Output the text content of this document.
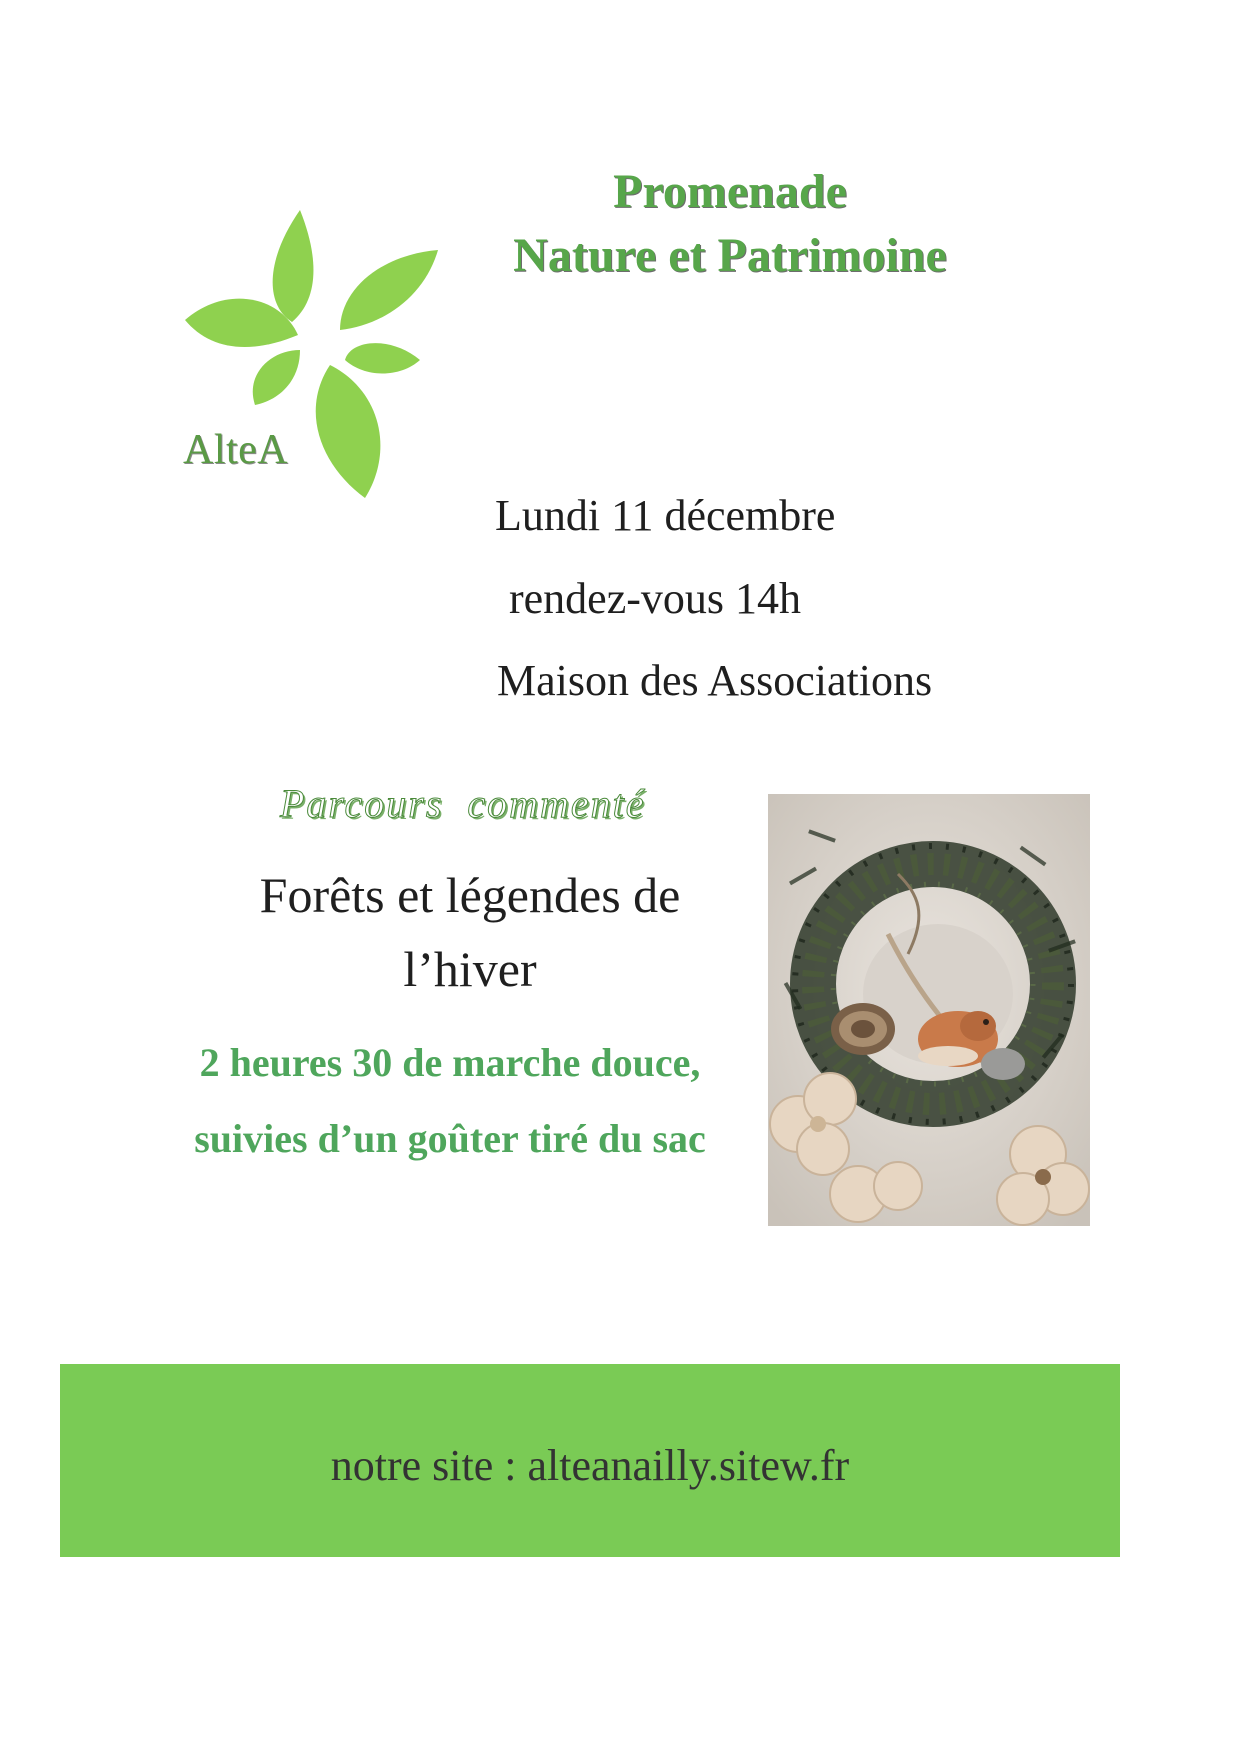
AlteA
Promenade
Nature et Patrimoine
Lundi 11 décembre
rendez-vous 14h
Maison des Associations
Parcours  commenté
Forêts et légendes de
l’hiver
2 heures 30 de marche douce,
suivies d’un goûter tiré du sac
notre site : alteanailly.sitew.fr
